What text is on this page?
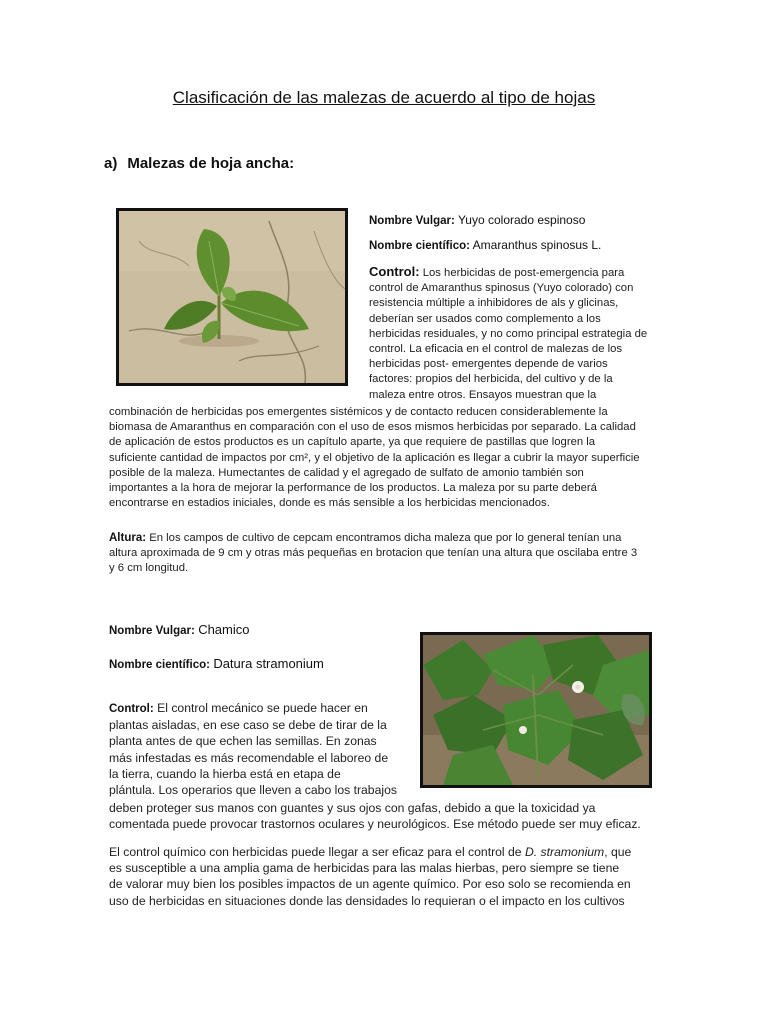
Clasificación de las malezas de acuerdo al tipo de hojas
a) Malezas de hoja ancha:
Nombre Vulgar: Yuyo colorado espinoso
Nombre científico: Amaranthus spinosus L.

Control: Los herbicidas de post-emergencia para

control de Amaranthus spinosus (Yuyo colorado) con

resistencia múltiple a inhibidores de als y glicinas,

deberían ser usados como complemento a los

herbicidas residuales, y no como principal estrategia de

control. La eficacia en el control de malezas de los

herbicidas post- emergentes depende de varios

factores: propios del herbicida, del cultivo y de la

maleza entre otros. Ensayos muestran que la

combinación de herbicidas pos emergentes sistémicos y de contacto reducen considerablemente la

biomasa de Amaranthus en comparación con el uso de esos mismos herbicidas por separado. La calidad

de aplicación de estos productos es un capítulo aparte, ya que requiere de pastillas que logren la

suficiente cantidad de impactos por cm², y el objetivo de la aplicación es llegar a cubrir la mayor superficie

posible de la maleza. Humectantes de calidad y el agregado de sulfato de amonio también son

importantes a la hora de mejorar la performance de los productos. La maleza por su parte deberá

encontrarse en estadios iniciales, donde es más sensible a los herbicidas mencionados.

Altura: En los campos de cultivo de cepcam encontramos dicha maleza que por lo general tenían una

altura aproximada de 9 cm y otras más pequeñas en brotacion que tenían una altura que oscilaba entre 3

y 6 cm longitud.

Nombre Vulgar: Chamico
Nombre científico: Datura stramonium

Control: El control mecánico se puede hacer en

plantas aisladas, en ese caso se debe de tirar de la

planta antes de que echen las semillas. En zonas

más infestadas es más recomendable el laboreo de

la tierra, cuando la hierba está en etapa de

plántula. Los operarios que lleven a cabo los trabajos

deben proteger sus manos con guantes y sus ojos con gafas, debido a que la toxicidad ya

comentada puede provocar trastornos oculares y neurológicos. Ese método puede ser muy eficaz.

El control químico con herbicidas puede llegar a ser eficaz para el control de D. stramonium, que

es susceptible a una amplia gama de herbicidas para las malas hierbas, pero siempre se tiene

de valorar muy bien los posibles impactos de un agente químico. Por eso solo se recomienda en

uso de herbicidas en situaciones donde las densidades lo requieran o el impacto en los cultivos
